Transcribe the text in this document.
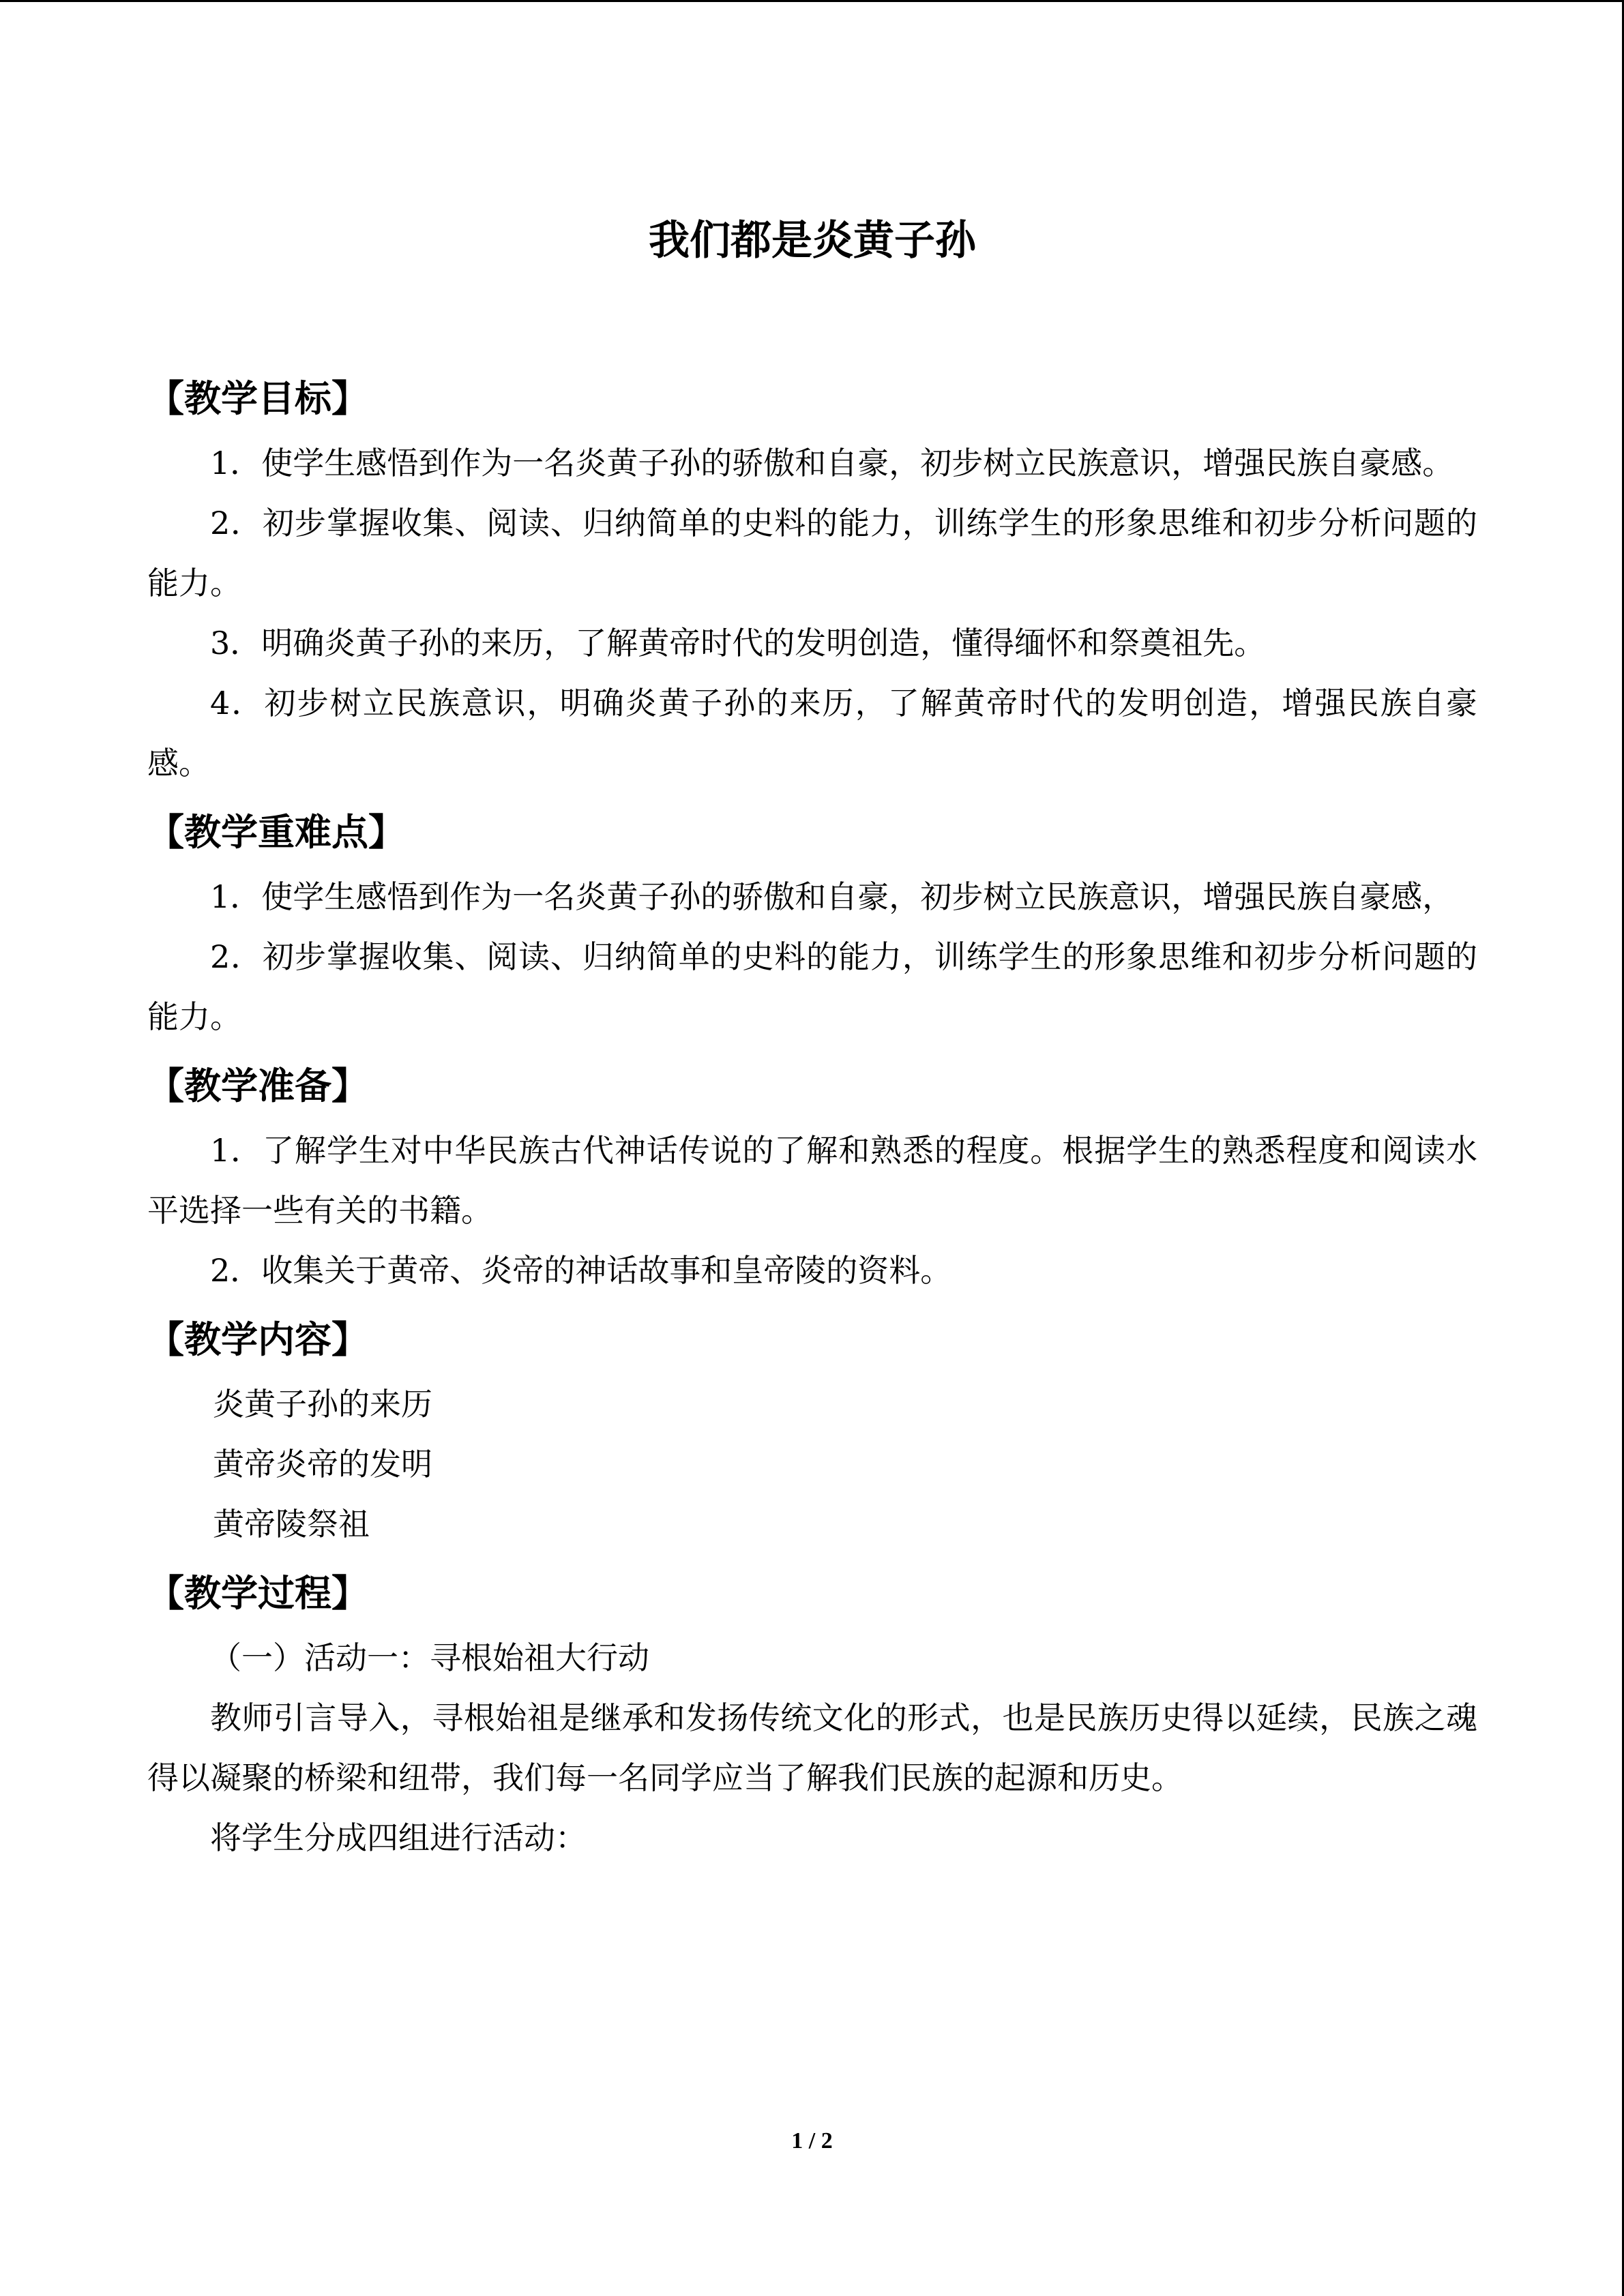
我们都是炎黄子孙
【教学目标】

1．使学生感悟到作为一名炎黄子孙的骄傲和自豪，初步树立民族意识，增强民族自豪感。

2．初步掌握收集、阅读、归纳简单的史料的能力，训练学生的形象思维和初步分析问题的能力。

3．明确炎黄子孙的来历，了解黄帝时代的发明创造，懂得缅怀和祭奠祖先。

4．初步树立民族意识，明确炎黄子孙的来历，了解黄帝时代的发明创造，增强民族自豪感。

【教学重难点】

1．使学生感悟到作为一名炎黄子孙的骄傲和自豪，初步树立民族意识，增强民族自豪感，

2．初步掌握收集、阅读、归纳简单的史料的能力，训练学生的形象思维和初步分析问题的能力。

【教学准备】

1．了解学生对中华民族古代神话传说的了解和熟悉的程度。根据学生的熟悉程度和阅读水平选择一些有关的书籍。

2．收集关于黄帝、炎帝的神话故事和皇帝陵的资料。

【教学内容】

炎黄子孙的来历

黄帝炎帝的发明

黄帝陵祭祖

【教学过程】

（一）活动一：寻根始祖大行动

教师引言导入，寻根始祖是继承和发扬传统文化的形式，也是民族历史得以延续，民族之魂得以凝聚的桥梁和纽带，我们每一名同学应当了解我们民族的起源和历史。

将学生分成四组进行活动：

1 / 2
